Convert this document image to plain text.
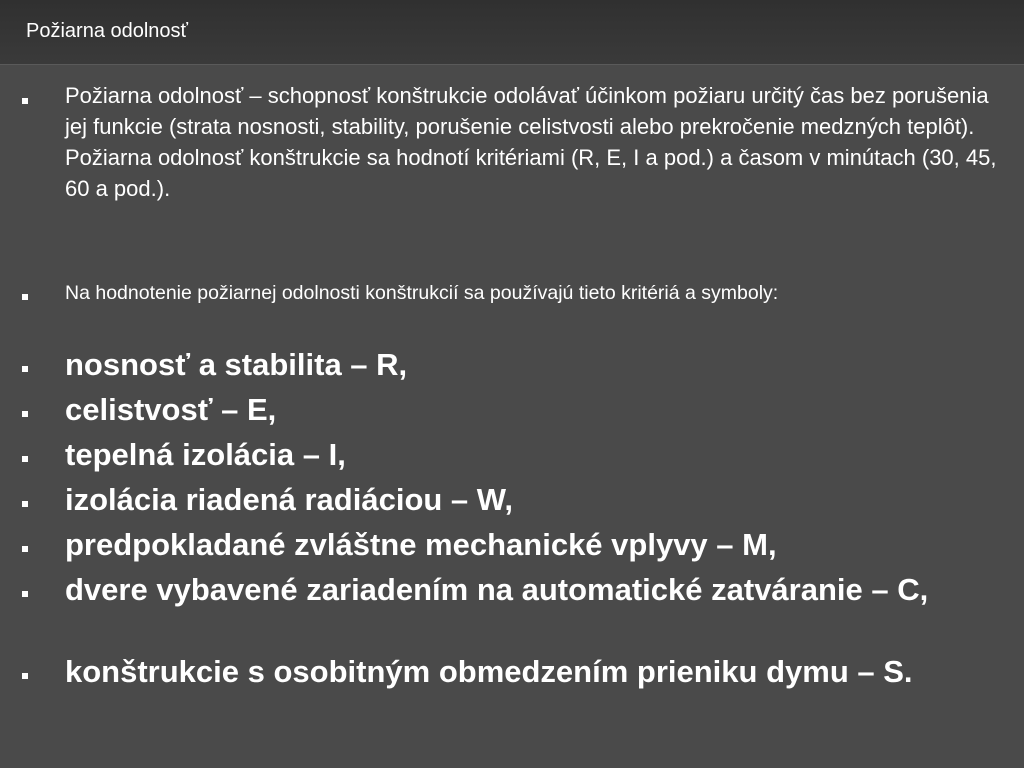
Požiarna odolnosť
Požiarna odolnosť – schopnosť konštrukcie odolávať účinkom požiaru určitý čas bez porušenia jej funkcie (strata nosnosti, stability, porušenie celistvosti alebo prekročenie medzných teplôt). Požiarna odolnosť konštrukcie sa hodnotí kritériami (R, E, I a pod.) a časom v minútach (30, 45, 60 a pod.).
Na hodnotenie požiarnej odolnosti konštrukcií sa používajú tieto kritériá a symboly:
nosnosť a stabilita – R,
celistvosť – E,
tepelná izolácia – I,
izolácia riadená radiáciou – W,
predpokladané zvláštne mechanické vplyvy – M,
dvere vybavené zariadením na automatické zatváranie – C,
konštrukcie s osobitným obmedzením prieniku dymu – S.
